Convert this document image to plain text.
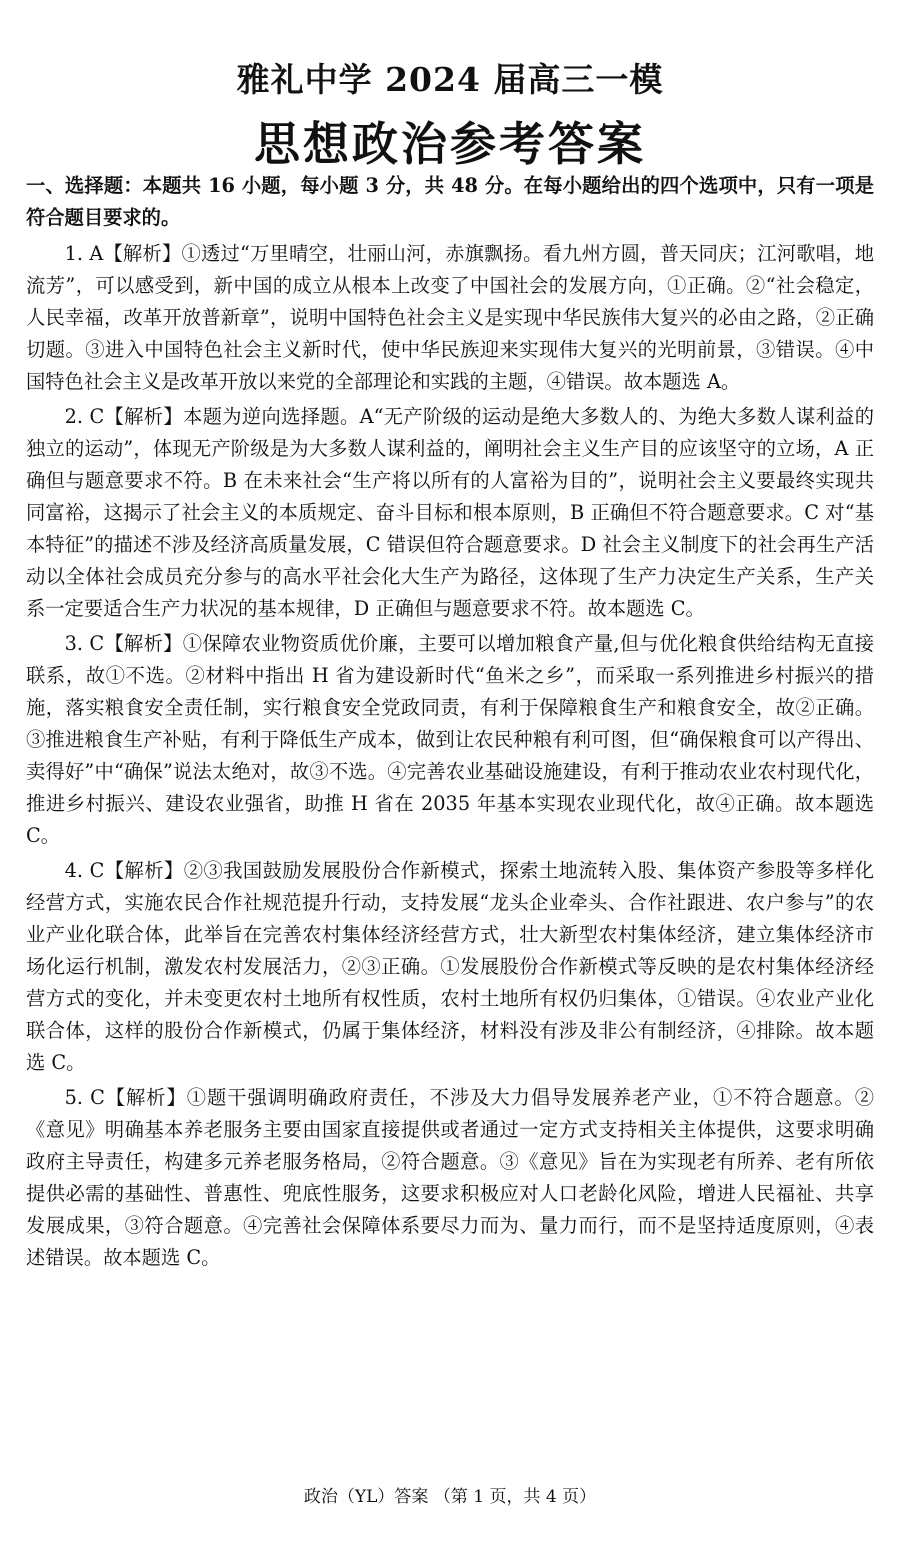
雅礼中学 2024 届高三一模
思想政治参考答案

一、选择题：本题共 16 小题，每小题 3 分，共 48 分。在每小题给出的四个选项中，只有一项是符合题目要求的。

1. A【解析】①透过“万里晴空，壮丽山河，赤旗飘扬。看九州方圆，普天同庆；江河歌唱，地流芳”，可以感受到，新中国的成立从根本上改变了中国社会的发展方向，①正确。②“社会稳定，人民幸福，改革开放普新章”，说明中国特色社会主义是实现中华民族伟大复兴的必由之路，②正确切题。③进入中国特色社会主义新时代，使中华民族迎来实现伟大复兴的光明前景，③错误。④中国特色社会主义是改革开放以来党的全部理论和实践的主题，④错误。故本题选 A。

2. C【解析】本题为逆向选择题。A“无产阶级的运动是绝大多数人的、为绝大多数人谋利益的独立的运动”，体现无产阶级是为大多数人谋利益的，阐明社会主义生产目的应该坚守的立场，A 正确但与题意要求不符。B 在未来社会“生产将以所有的人富裕为目的”，说明社会主义要最终实现共同富裕，这揭示了社会主义的本质规定、奋斗目标和根本原则，B 正确但不符合题意要求。C 对“基本特征”的描述不涉及经济高质量发展，C 错误但符合题意要求。D 社会主义制度下的社会再生产活动以全体社会成员充分参与的高水平社会化大生产为路径，这体现了生产力决定生产关系，生产关系一定要适合生产力状况的基本规律，D 正确但与题意要求不符。故本题选 C。

3. C【解析】①保障农业物资质优价廉，主要可以增加粮食产量,但与优化粮食供给结构无直接联系，故①不选。②材料中指出 H 省为建设新时代“鱼米之乡”，而采取一系列推进乡村振兴的措施，落实粮食安全责任制，实行粮食安全党政同责，有利于保障粮食生产和粮食安全，故②正确。③推进粮食生产补贴，有利于降低生产成本，做到让农民种粮有利可图，但“确保粮食可以产得出、卖得好”中“确保”说法太绝对，故③不选。④完善农业基础设施建设，有利于推动农业农村现代化，推进乡村振兴、建设农业强省，助推 H 省在 2035 年基本实现农业现代化，故④正确。故本题选 C。

4. C【解析】②③我国鼓励发展股份合作新模式，探索土地流转入股、集体资产参股等多样化经营方式，实施农民合作社规范提升行动，支持发展“龙头企业牵头、合作社跟进、农户参与”的农业产业化联合体，此举旨在完善农村集体经济经营方式，壮大新型农村集体经济，建立集体经济市场化运行机制，激发农村发展活力，②③正确。①发展股份合作新模式等反映的是农村集体经济经营方式的变化，并未变更农村土地所有权性质，农村土地所有权仍归集体，①错误。④农业产业化联合体，这样的股份合作新模式，仍属于集体经济，材料没有涉及非公有制经济，④排除。故本题选 C。

5. C【解析】①题干强调明确政府责任，不涉及大力倡导发展养老产业，①不符合题意。②《意见》明确基本养老服务主要由国家直接提供或者通过一定方式支持相关主体提供，这要求明确政府主导责任，构建多元养老服务格局，②符合题意。③《意见》旨在为实现老有所养、老有所依提供必需的基础性、普惠性、兜底性服务，这要求积极应对人口老龄化风险，增进人民福祉、共享发展成果，③符合题意。④完善社会保障体系要尽力而为、量力而行，而不是坚持适度原则，④表述错误。故本题选 C。

政治（YL）答案 （第 1 页，共 4 页）
